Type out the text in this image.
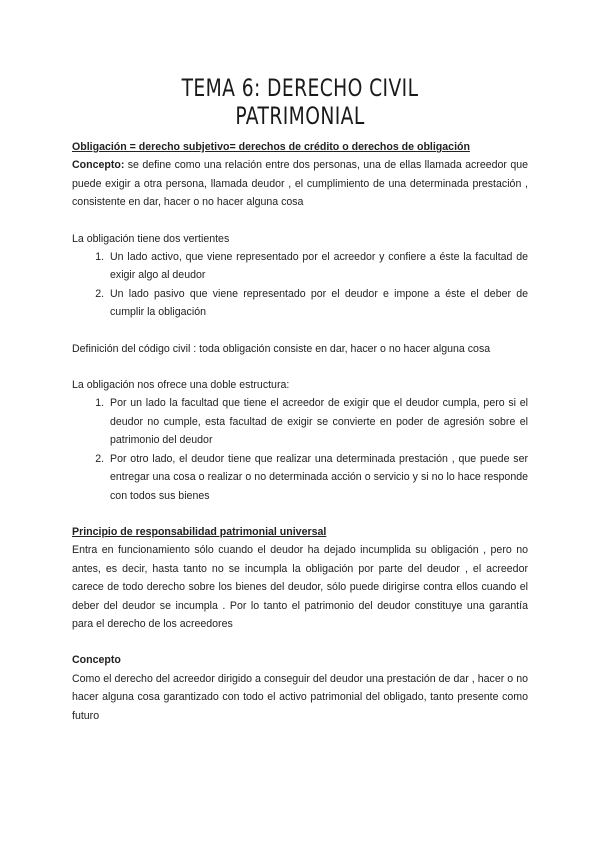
TEMA 6: DERECHO CIVIL PATRIMONIAL

Obligación = derecho subjetivo= derechos de crédito o derechos de obligación

Concepto: se define como una relación entre dos personas, una de ellas llamada acreedor que puede exigir a otra persona, llamada deudor , el cumplimiento de una determinada prestación , consistente en dar, hacer o no hacer alguna cosa

La obligación tiene dos vertientes

1. Un lado activo, que viene representado por el acreedor y confiere a éste la facultad de exigir algo al deudor
2. Un lado pasivo que viene representado por el deudor e impone a éste el deber de cumplir la obligación

Definición del código civil : toda obligación consiste en dar, hacer o no hacer alguna cosa

La obligación nos ofrece una doble estructura:

1. Por un lado la facultad que tiene el acreedor de exigir que el deudor cumpla, pero si el deudor no cumple, esta facultad de exigir se convierte en poder de agresión sobre el patrimonio del deudor
2. Por otro lado, el deudor tiene que realizar una determinada prestación , que puede ser entregar una cosa o realizar o no determinada acción o servicio y si no lo hace responde con todos sus bienes

Principio de responsabilidad patrimonial universal

Entra en funcionamiento sólo cuando el deudor ha dejado incumplida su obligación , pero no antes, es decir, hasta tanto no se incumpla la obligación por parte del deudor , el acreedor carece de todo derecho sobre los bienes del deudor, sólo puede dirigirse contra ellos cuando el deber del deudor se incumpla . Por lo tanto el patrimonio del deudor constituye una garantía para el derecho de los acreedores

Concepto

Como el derecho del acreedor dirigido a conseguir del deudor una prestación de dar , hacer o no hacer alguna cosa garantizado con todo el activo patrimonial del obligado, tanto presente como futuro
